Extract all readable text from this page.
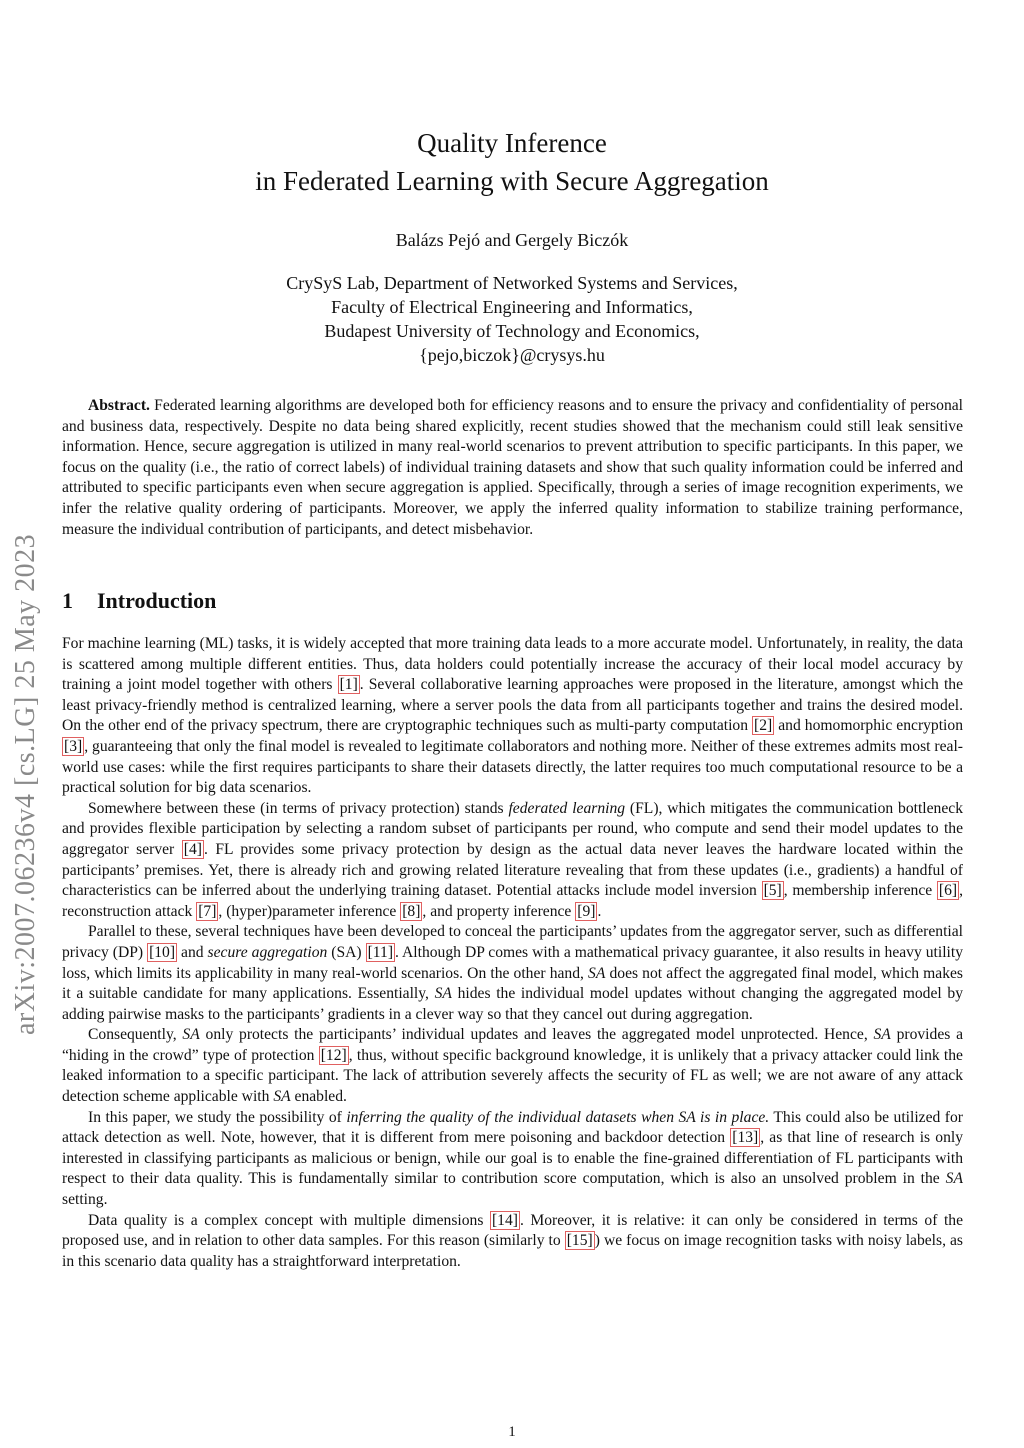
arXiv:2007.06236v4 [cs.LG] 25 May 2023
Quality Inference
in Federated Learning with Secure Aggregation
Balázs Pejó and Gergely Biczók
CrySyS Lab, Department of Networked Systems and Services,
Faculty of Electrical Engineering and Informatics,
Budapest University of Technology and Economics,
{pejo,biczok}@crysys.hu
Abstract. Federated learning algorithms are developed both for efficiency reasons and to ensure the privacy and confidentiality of personal and business data, respectively. Despite no data being shared explicitly, recent studies showed that the mechanism could still leak sensitive information. Hence, secure aggregation is utilized in many real-world scenarios to prevent attribution to specific participants. In this paper, we focus on the quality (i.e., the ratio of correct labels) of individual training datasets and show that such quality information could be inferred and attributed to specific participants even when secure aggregation is applied. Specifically, through a series of image recognition experiments, we infer the relative quality ordering of participants. Moreover, we apply the inferred quality information to stabilize training performance, measure the individual contribution of participants, and detect misbehavior.
1 Introduction

For machine learning (ML) tasks, it is widely accepted that more training data leads to a more accurate model. Unfortunately, in reality, the data is scattered among multiple different entities. Thus, data holders could potentially increase the accuracy of their local model accuracy by training a joint model together with others [1] . Several collaborative learning approaches were proposed in the literature, amongst which the least privacy-friendly method is centralized learning, where a server pools the data from all participants together and trains the desired model. On the other end of the privacy spectrum, there are cryptographic techniques such as multi-party computation [2] and homomorphic encryption [3] , guaranteeing that only the final model is revealed to legitimate collaborators and nothing more. Neither of these extremes admits most real-world use cases: while the first requires participants to share their datasets directly, the latter requires too much computational resource to be a practical solution for big data scenarios.

Somewhere between these (in terms of privacy protection) stands federated learning (FL), which mitigates the communication bottleneck and provides flexible participation by selecting a random subset of participants per round, who compute and send their model updates to the aggregator server [4] . FL provides some privacy protection by design as the actual data never leaves the hardware located within the participants’ premises. Yet, there is already rich and growing related literature revealing that from these updates (i.e., gradients) a handful of characteristics can be inferred about the underlying training dataset. Potential attacks include model inversion [5] , membership inference [6] , reconstruction attack [7] , (hyper)parameter inference [8] , and property inference [9] .

Parallel to these, several techniques have been developed to conceal the participants’ updates from the aggregator server, such as differential privacy (DP) [10] and secure aggregation (SA) [11] . Although DP comes with a mathematical privacy guarantee, it also results in heavy utility loss, which limits its applicability in many real-world scenarios. On the other hand, SA does not affect the aggregated final model, which makes it a suitable candidate for many applications. Essentially, SA hides the individual model updates without changing the aggregated model by adding pairwise masks to the participants’ gradients in a clever way so that they cancel out during aggregation.

Consequently, SA only protects the participants’ individual updates and leaves the aggregated model unprotected. Hence, SA provides a “hiding in the crowd” type of protection [12] , thus, without specific background knowledge, it is unlikely that a privacy attacker could link the leaked information to a specific participant. The lack of attribution severely affects the security of FL as well; we are not aware of any attack detection scheme applicable with SA enabled.

In this paper, we study the possibility of inferring the quality of the individual datasets when SA is in place. This could also be utilized for attack detection as well. Note, however, that it is different from mere poisoning and backdoor detection [13] , as that line of research is only interested in classifying participants as malicious or benign, while our goal is to enable the fine-grained differentiation of FL participants with respect to their data quality. This is fundamentally similar to contribution score computation, which is also an unsolved problem in the SA setting.

Data quality is a complex concept with multiple dimensions [14] . Moreover, it is relative: it can only be considered in terms of the proposed use, and in relation to other data samples. For this reason (similarly to [15] ) we focus on image recognition tasks with noisy labels, as in this scenario data quality has a straightforward interpretation.

1
